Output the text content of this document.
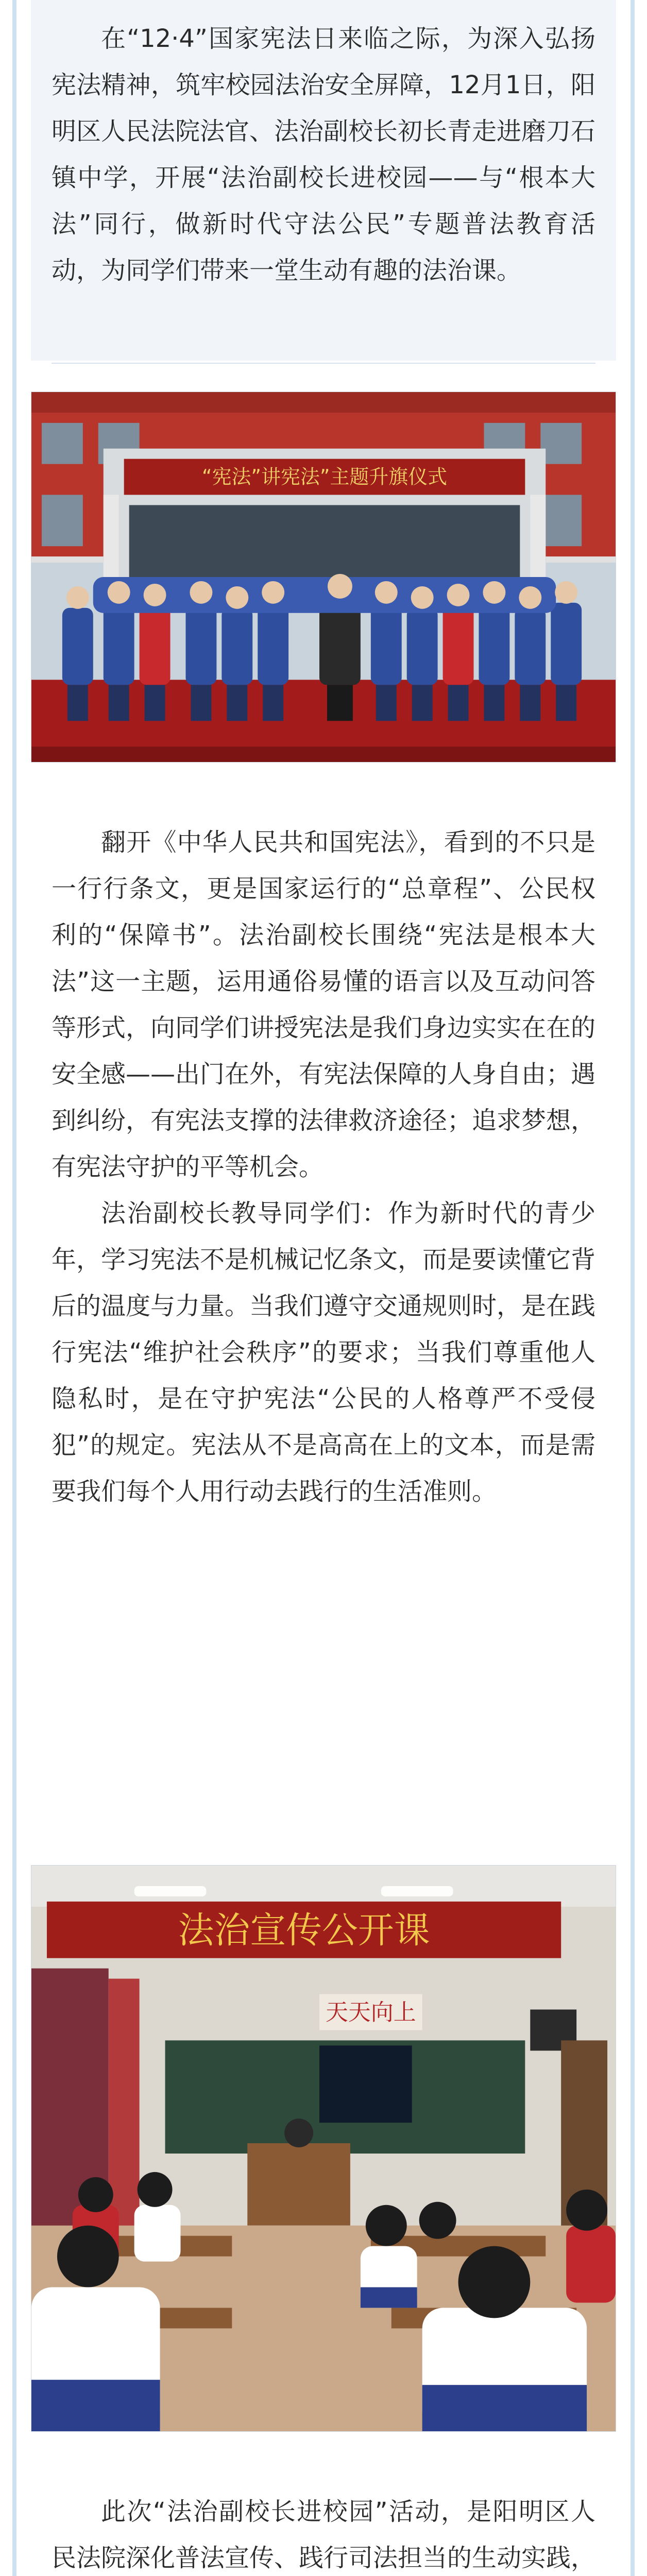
在“12·4”国家宪法日来临之际，为深入弘扬宪法精神，筑牢校园法治安全屏障，12月1日，阳明区人民法院法官、法治副校长初长青走进磨刀石镇中学，开展“法治副校长进校园——与“根本大法”同行，做新时代守法公民”专题普法教育活动，为同学们带来一堂生动有趣的法治课。

“宪法”讲宪法”主题升旗仪式

翻开《中华人民共和国宪法》，看到的不只是一行行条文，更是国家运行的“总章程”、公民权利的“保障书”。法治副校长围绕“宪法是根本大法”这一主题，运用通俗易懂的语言以及互动问答等形式，向同学们讲授宪法是我们身边实实在在的安全感——出门在外，有宪法保障的人身自由；遇到纠纷，有宪法支撑的法律救济途径；追求梦想，有宪法守护的平等机会。

法治副校长教导同学们：作为新时代的青少年，学习宪法不是机械记忆条文，而是要读懂它背后的温度与力量。当我们遵守交通规则时，是在践行宪法“维护社会秩序”的要求；当我们尊重他人隐私时，是在守护宪法“公民的人格尊严不受侵犯”的规定。宪法从不是高高在上的文本，而是需要我们每个人用行动去践行的生活准则。

法治宣传公开课
天天向上

此次“法治副校长进校园”活动，是阳明区人民法院深化普法宣传、践行司法担当的生动实践，
